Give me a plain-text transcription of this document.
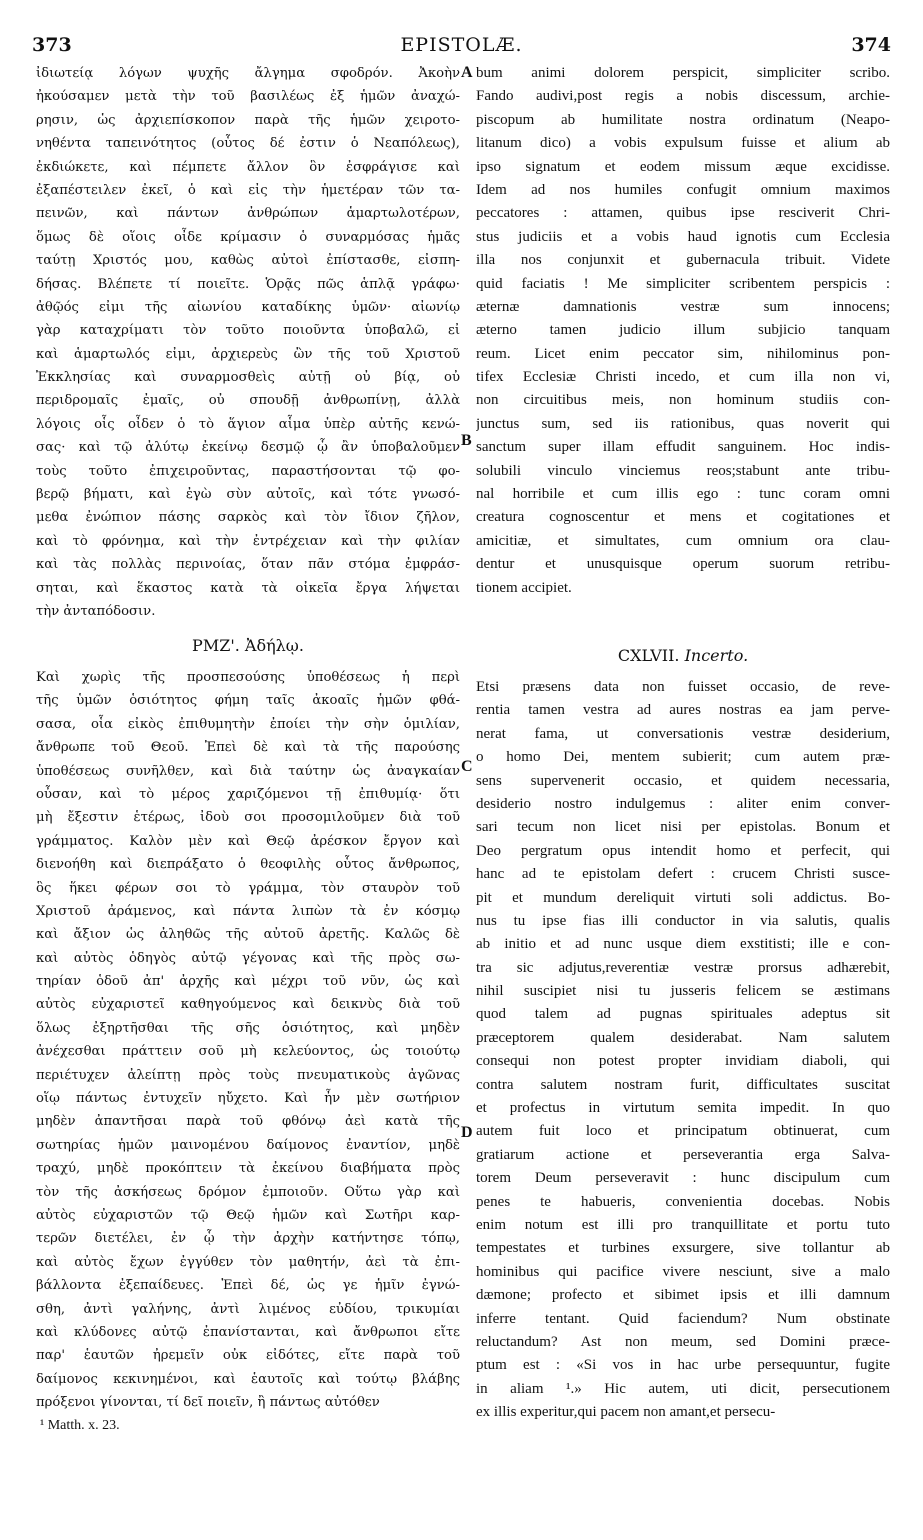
373	EPISTOLÆ.	374
ἰδιωτείᾳ λόγων ψυχῆς ἄλγημα σφοδρόν. Ἀκοὴν
ἠκούσαμεν μετὰ τὴν τοῦ βασιλέως ἐξ ἡμῶν ἀναχώ-
ρησιν, ὡς ἀρχιεπίσκοπον παρὰ τῆς ἡμῶν χειροτο-
νηθέντα ταπεινότητος (οὗτος δέ ἐστιν ὁ Νεαπόλεως),
ἐκδιώκετε, καὶ πέμπετε ἄλλον ὃν ἐσφράγισε καὶ
ἐξαπέστειλεν ἐκεῖ, ὁ καὶ εἰς τὴν ἡμετέραν τῶν τα-
πεινῶν, καὶ πάντων ἀνθρώπων ἁμαρτωλοτέρων,
ὅμως δὲ οἵοις οἶδε κρίμασιν ὁ συναρμόσας ἡμᾶς
ταύτῃ Χριστός μου, καθὼς αὐτοὶ ἐπίστασθε, εἰσπη-
δήσας. Βλέπετε τί ποιεῖτε. Ὁρᾷς πῶς ἁπλᾷ γράφω·
ἀθῷός εἰμι τῆς αἰωνίου καταδίκης ὑμῶν· αἰωνίῳ
γὰρ καταχρίματι τὸν τοῦτο ποιοῦντα ὑποβαλῶ, εἰ
καὶ ἁμαρτωλός εἰμι, ἀρχιερεὺς ὢν τῆς τοῦ Χριστοῦ
Ἐκκλησίας καὶ συναρμοσθεὶς αὐτῇ οὐ βίᾳ, οὐ
περιδρομαῖς ἐμαῖς, οὐ σπουδῇ ἀνθρωπίνῃ, ἀλλὰ
λόγοις οἷς οἶδεν ὁ τὸ ἅγιον αἷμα ὑπὲρ αὐτῆς κενώ-
σας· καὶ τῷ ἀλύτῳ ἐκείνῳ δεσμῷ ᾧ ἂν ὑποβαλοῦμεν
τοὺς τοῦτο ἐπιχειροῦντας, παραστήσονται τῷ φο-
βερῷ βήματι, καὶ ἐγὼ σὺν αὐτοῖς, καὶ τότε γνωσό-
μεθα ἐνώπιον πάσης σαρκὸς καὶ τὸν ἴδιον ζῆλον,
καὶ τὸ φρόνημα, καὶ τὴν ἐντρέχειαν καὶ τὴν φιλίαν
καὶ τὰς πολλὰς περινοίας, ὅταν πᾶν στόμα ἐμφράσ-
σηται, καὶ ἕκαστος κατὰ τὰ οἰκεῖα ἔργα λήψεται
τὴν ἀνταπόδοσιν.
ΡΜΖ'. Ἀδήλῳ.
Καὶ χωρὶς τῆς προσπεσούσης ὑποθέσεως ἡ περὶ
τῆς ὑμῶν ὁσιότητος φήμη ταῖς ἀκοαῖς ἡμῶν φθά-
σασα, οἷα εἰκὸς ἐπιθυμητὴν ἐποίει τὴν σὴν ὁμιλίαν,
ἄνθρωπε τοῦ Θεοῦ. Ἐπεὶ δὲ καὶ τὰ τῆς παρούσης
ὑποθέσεως συνῆλθεν, καὶ διὰ ταύτην ὡς ἀναγκαίαν
οὖσαν, καὶ τὸ μέρος χαριζόμενοι τῇ ἐπιθυμίᾳ· ὅτι
μὴ ἔξεστιν ἑτέρως, ἰδοὺ σοι προσομιλοῦμεν διὰ τοῦ
γράμματος. Καλὸν μὲν καὶ Θεῷ ἀρέσκον ἔργον καὶ
διενοήθη καὶ διεπράξατο ὁ θεοφιλὴς οὗτος ἄνθρωπος,
ὃς ἥκει φέρων σοι τὸ γράμμα, τὸν σταυρὸν τοῦ
Χριστοῦ ἀράμενος, καὶ πάντα λιπὼν τὰ ἐν κόσμῳ
καὶ ἄξιον ὡς ἀληθῶς τῆς αὐτοῦ ἀρετῆς. Καλῶς δὲ
καὶ αὐτὸς ὁδηγὸς αὐτῷ γέγονας καὶ τῆς πρὸς σω-
τηρίαν ὁδοῦ ἀπ' ἀρχῆς καὶ μέχρι τοῦ νῦν, ὡς καὶ
αὐτὸς εὐχαριστεῖ καθηγούμενος καὶ δεικνὺς διὰ τοῦ
ὅλως ἐξηρτῆσθαι τῆς σῆς ὁσιότητος, καὶ μηδὲν
ἀνέχεσθαι πράττειν σοῦ μὴ κελεύοντος, ὡς τοιούτῳ
περιέτυχεν ἀλείπτῃ πρὸς τοὺς πνευματικοὺς ἀγῶνας
οἵῳ πάντως ἐντυχεῖν ηὔχετο. Καὶ ἦν μὲν σωτήριον
μηδὲν ἀπαντῆσαι παρὰ τοῦ φθόνῳ ἀεὶ κατὰ τῆς
σωτηρίας ἡμῶν μαινομένου δαίμονος ἐναντίον, μηδὲ
τραχύ, μηδὲ προκόπτειν τὰ ἐκείνου διαβήματα πρὸς
τὸν τῆς ἀσκήσεως δρόμον ἐμποιοῦν. Οὕτω γὰρ καὶ
αὐτὸς εὐχαριστῶν τῷ Θεῷ ἡμῶν καὶ Σωτῆρι καρ-
τερῶν διετέλει, ἐν ᾧ τὴν ἀρχὴν κατήντησε τόπῳ,
καὶ αὐτὸς ἔχων ἐγγύθεν τὸν μαθητήν, ἀεὶ τὰ ἐπι-
βάλλοντα ἐξεπαίδευες. Ἐπεὶ δέ, ὡς γε ἡμῖν ἐγνώ-
σθη, ἀντὶ γαλήνης, ἀντὶ λιμένος εὐδίου, τρικυμίαι
καὶ κλύδονες αὐτῷ ἐπανίστανται, καὶ ἄνθρωποι εἴτε
παρ' ἑαυτῶν ἠρεμεῖν οὐκ εἰδότες, εἴτε παρὰ τοῦ
δαίμονος κεκινημένοι, καὶ ἑαυτοῖς καὶ τούτῳ βλάβης
πρόξενοι γίνονται, τί δεῖ ποιεῖν, ἢ πάντως αὐτόθεν
bum animi dolorem perspicit, simpliciter scribo.
Fando audivi,post regis a nobis discessum, archie-
piscopum ab humilitate nostra ordinatum (Neapo-
litanum dico) a vobis expulsum fuisse et alium ab
ipso signatum et eodem missum æque excidisse.
Idem ad nos humiles confugit omnium maximos
peccatores : attamen, quibus ipse resciverit Chri-
stus judiciis et a vobis haud ignotis cum Ecclesia
illa nos conjunxit et gubernacula tribuit. Videte
quid faciatis ! Me simpliciter scribentem perspicis :
æternæ damnationis vestræ sum innocens;
æterno tamen judicio illum subjicio tanquam
reum. Licet enim peccator sim, nihilominus pon-
tifex Ecclesiæ Christi incedo, et cum illa non vi,
non circuitibus meis, non hominum studiis con-
junctus sum, sed iis rationibus, quas noverit qui
sanctum super illam effudit sanguinem. Hoc indis-
solubili vinculo vinciemus reos;stabunt ante tribu-
nal horribile et cum illis ego : tunc coram omni
creatura cognoscentur et mens et cogitationes et
amicitiæ, et simultates, cum omnium ora clau-
dentur et unusquisque operum suorum retribu-
tionem accipiet.
CXLVII. Incerto.
Etsi præsens data non fuisset occasio, de reve-
rentia tamen vestra ad aures nostras ea jam perve-
nerat fama, ut conversationis vestræ desiderium,
o homo Dei, mentem subierit; cum autem præ-
sens supervenerit occasio, et quidem necessaria,
desiderio nostro indulgemus : aliter enim conver-
sari tecum non licet nisi per epistolas. Bonum et
Deo pergratum opus intendit homo et perfecit, qui
hanc ad te epistolam defert : crucem Christi susce-
pit et mundum dereliquit virtuti soli addictus. Bo-
nus tu ipse fias illi conductor in via salutis, qualis
ab initio et ad nunc usque diem exstitisti; ille e con-
tra sic adjutus,reverentiæ vestræ prorsus adhærebit,
nihil suscipiet nisi tu jusseris felicem se æstimans
quod talem ad pugnas spirituales adeptus sit
præceptorem qualem desiderabat. Nam salutem
consequi non potest propter invidiam diaboli, qui
contra salutem nostram furit, difficultates suscitat
et profectus in virtutum semita impedit. In quo
autem fuit loco et principatum obtinuerat, cum
gratiarum actione et perseverantia erga Salva-
torem Deum perseveravit : hunc discipulum cum
penes te habueris, convenientia docebas. Nobis
enim notum est illi pro tranquillitate et portu tuto
tempestates et turbines exsurgere, sive tollantur ab
hominibus qui pacifice vivere nesciunt, sive a malo
dæmone; profecto et sibimet ipsis et illi damnum
inferre tentant. Quid faciendum? Num obstinate
reluctandum? Ast non meum, sed Domini præce-
ptum est : «Si vos in hac urbe persequuntur, fugite
in aliam ¹.» Hic autem, uti dicit, persecutionem
ex illis experitur,qui pacem non amant,et persecu-
A
B
C
D
¹ Matth. x. 23.
